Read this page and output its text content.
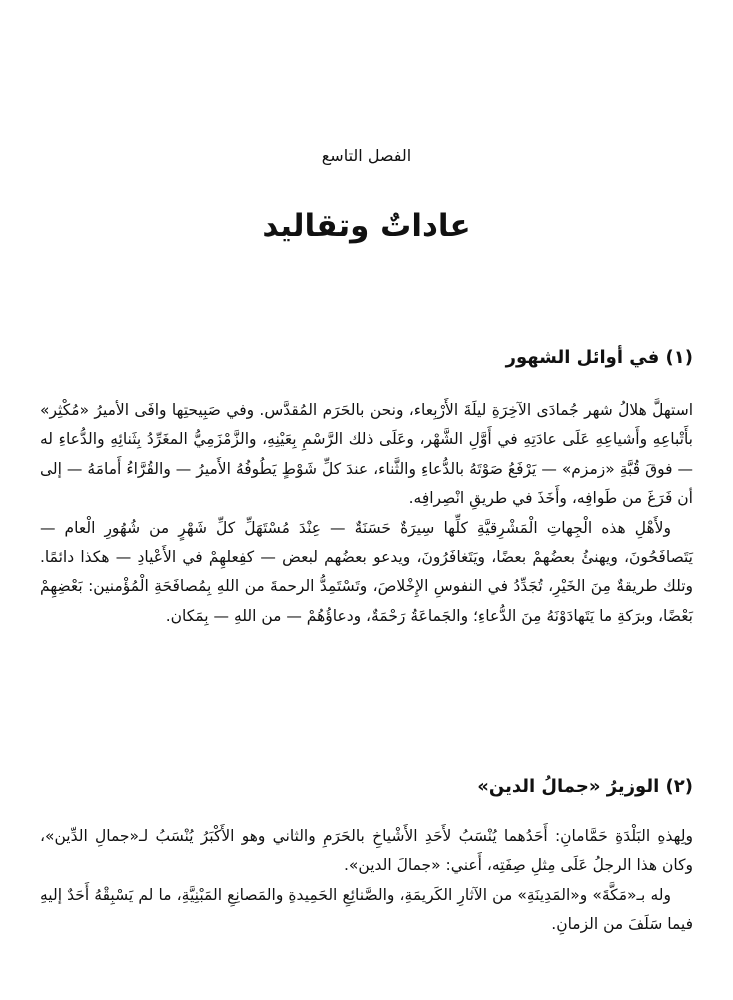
الفصل التاسع
عاداتٌ وتقاليد
(١) في أوائل الشهور

استهلَّ هلالُ شهر جُمادَى الآخِرَةِ ليلَةَ الأَرْبِعاء، ونحن بالحَرَم المُقدَّس. وفي صَبِيحتِها وافَى الأميرُ «مُكْثِر» بأَتْباعِهِ وأَشياعِهِ عَلَى عادَتِهِ في أَوَّلِ الشَّهْر، وعَلَى ذلك الرَّسْمِ بِعَيْنِهِ، والزَّمْزَمِيُّ المغَرِّدُ بِثَنائِهِ والدُّعاءِ له — فوقَ قُبَّةِ «زمزم» — يَرْفَعُ صَوْتَهُ بالدُّعاءِ والثَّناء، عندَ كلِّ شَوْطٍ يَطُوفُهُ الأَميرُ — والقُرَّاءُ أَمامَهُ — إلى أن فَرَغَ من طَوافِه، وأَخَذَ في طريقِ انْصِرافِه.

ولأَهْلِ هذه الْجِهاتِ الْمَشْرِقيَّةِ كلِّها سِيرَةٌ حَسَنَةٌ — عِنْدَ مُسْتَهَلِّ كلِّ شَهْرٍ من شُهُورِ الْعام — يَتَصافَحُونَ، ويهنئُ بعضُهمْ بعضًا، ويَتَغافَرُونَ، ويدعو بعضُهم لبعض — كفِعلهِمْ في الأَعْيادِ — هكذا دائمًا. وتلك طريقةٌ مِنَ الخَيْرِ، تُجَدِّدُ في النفوسِ الإِخْلاصَ، وتَسْتَمِدُّ الرحمةَ من اللهِ بِمُصافَحَةِ الْمُؤْمنين: بَعْضِهِمْ بَعْضًا، وبرَكةِ ما يَتَهادَوْنَهُ مِنَ الدُّعاءِ؛ والجَماعَةُ رَحْمَةٌ، ودعاؤُهُمْ — من اللهِ — بِمَكان.

(٢) الوزيرُ «جمالُ الدين»

ولِهذهِ البَلْدَةِ حَمَّامانِ: أَحَدُهما يُنْسَبُ لأَحَدِ الأَشْياخِ بالحَرَمِ والثاني وهو الأَكْبَرُ يُنْسَبُ لـ«جمالِ الدِّين»، وكان هذا الرجلُ عَلَى مِثلِ صِفَتِه، أَعني: «جمالَ الدين».

وله بـ«مَكَّةَ» و«المَدِينَةِ» من الآثارِ الكَريمَةِ، والصَّنائِعِ الحَمِيدةِ والمَصانِعِ المَبْنِيَّةِ، ما لم يَسْبِقْهُ أَحَدٌ إليهِ فيما سَلَفَ من الزمانِ.
